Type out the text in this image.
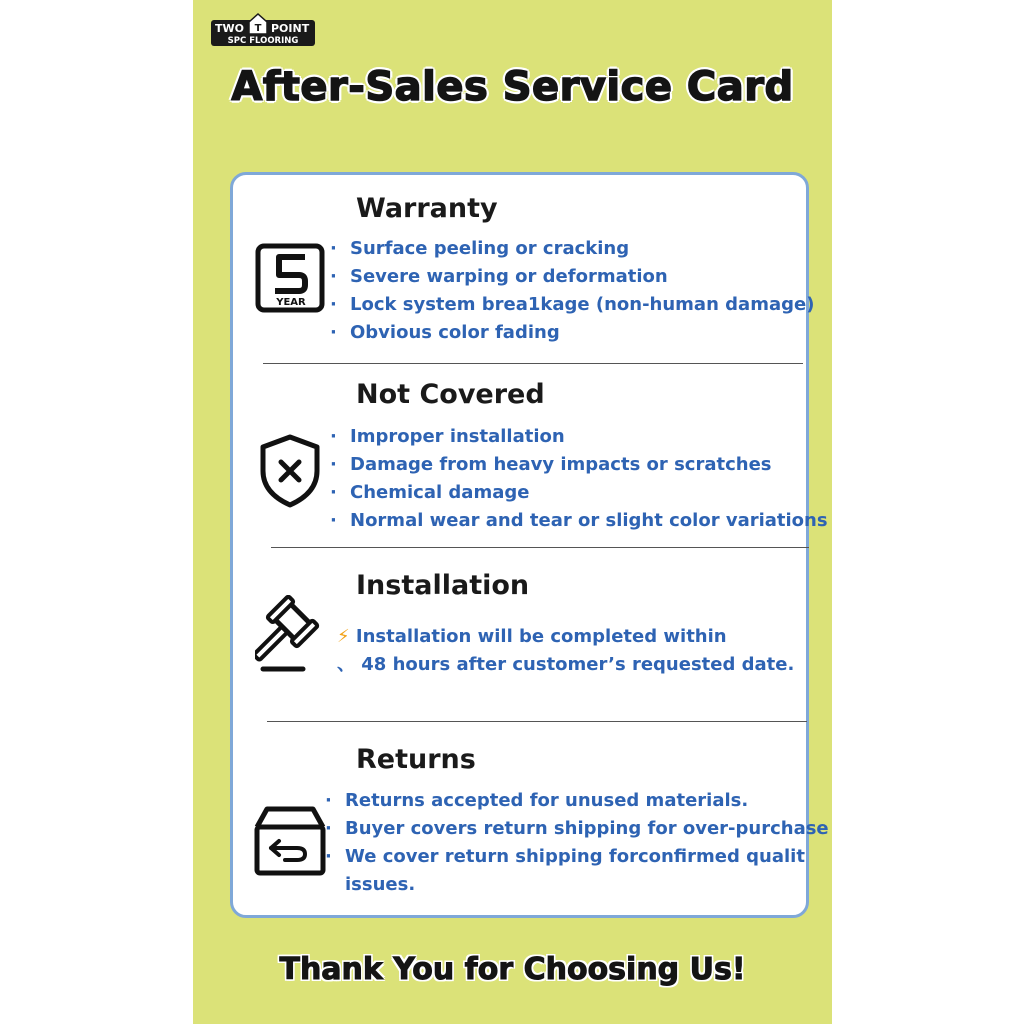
TWO T POINT
SPC FLOORING
After-Sales Service Card
Warranty
YEAR
· Surface peeling or cracking
· Severe warping or deformation
· Lock system brea1kage (non-human damage)
· Obvious color fading
Not Covered
· Improper installation
· Damage from heavy impacts or scratches
· Chemical damage
· Normal wear and tear or slight color variations
Installation
⚡ Installation will be completed within
、 48 hours after customer’s requested date.
Returns
· Returns accepted for unused materials.
· Buyer covers return shipping for over-purchase
· We cover return shipping forconfirmed qualit
issues.
Thank You for Choosing Us!
